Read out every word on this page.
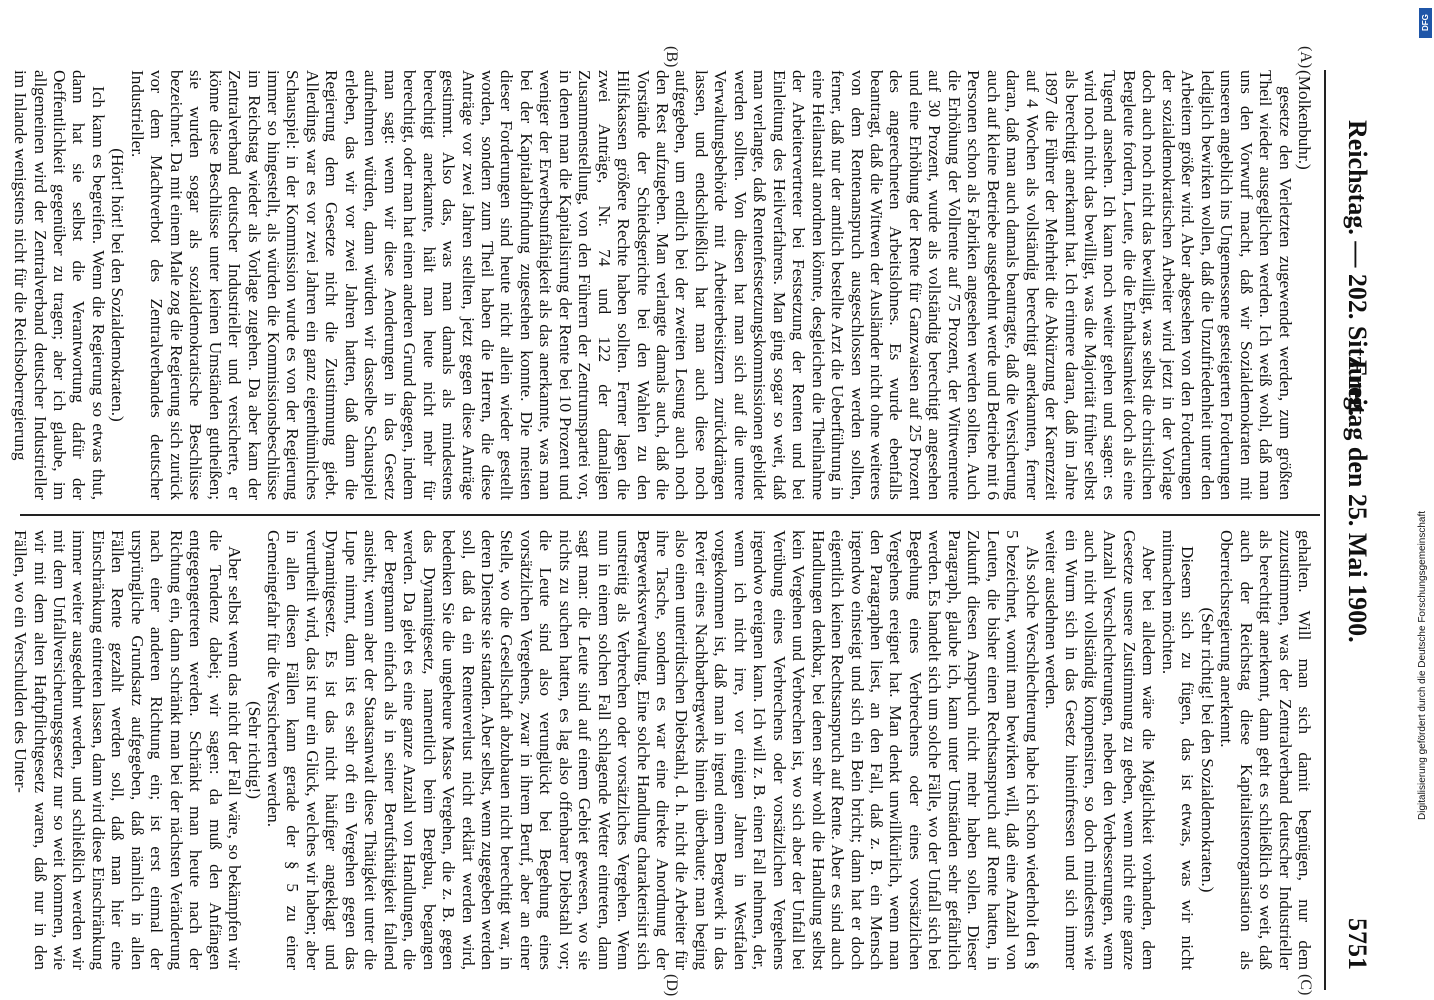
Reichstag. — 202. Sitzung.
Freitag den 25. Mai 1900.
5751
(A)
(B)
(C)
(D)

(Molkenbuhr.)

gesetze den Verletzten zugewendet werden, zum größten Theil wieder ausgeglichen werden. Ich weiß wohl, daß man uns den Vorwurf macht, daß wir Sozialdemokraten mit unseren angeblich ins Ungemessene gesteigerten Forderungen lediglich bewirken wollen, daß die Unzufriedenheit unter den Arbeitern größer wird. Aber abgesehen von den Forderungen der sozialdemokratischen Arbeiter wird jetzt in der Vorlage doch auch noch nicht das bewilligt, was selbst die christlichen Bergleute fordern, Leute, die die Enthaltsamkeit doch als eine Tugend ansehen. Ich kann noch weiter gehen und sagen: es wird noch nicht das bewilligt, was die Majorität früher selbst als berechtigt anerkannt hat. Ich erinnere daran, daß im Jahre 1897 die Führer der Mehrheit die Abkürzung der Karenzzeit auf 4 Wochen als vollständig berechtigt anerkannten, ferner daran, daß man auch damals beantragte, daß die Versicherung auch auf kleine Betriebe ausgedehnt werde und Betriebe mit 6 Personen schon als Fabriken angesehen werden sollten. Auch die Erhöhung der Vollrente auf 75 Prozent, der Wittwenrente auf 30 Prozent, wurde als vollständig berechtigt angesehen und eine Erhöhung der Rente für Ganzwaisen auf 25 Prozent des angerechneten Arbeitslohnes. Es wurde ebenfalls beantragt, daß die Wittwen der Ausländer nicht ohne weiteres von dem Rentenanspruch ausgeschlossen werden sollten, ferner, daß nur der amtlich bestellte Arzt die Ueberführung in eine Heilanstalt anordnen könnte, desgleichen die Theilnahme der Arbeitervertreter bei Festsetzung der Renten und bei Einleitung des Heilverfahrens. Man ging sogar so weit, daß man verlangte, daß Rentenfestsetzungskommissionen gebildet werden sollten. Von diesen hat man sich auf die untere Verwaltungsbehörde mit Arbeiterbeisitzern zurückdrängen lassen, und endschließlich hat man auch diese noch aufgegeben, um endlich bei der zweiten Lesung auch noch den Rest aufzugeben. Man verlangte damals auch, daß die Vorstände der Schiedsgerichte bei den Wahlen zu den Hilfskassen größere Rechte haben sollten. Ferner lagen die zwei Anträge, Nr. 74 und 122 der damaligen Zusammenstellung, von den Führern der Zentrumspartei vor, in denen man die Kapitalisirung der Rente bei 10 Prozent und weniger der Erwerbsunfähigkeit als das anerkannte, was man bei der Kapitalabfindung zugestehen konnte. Die meisten dieser Forderungen sind heute nicht allein wieder gestellt worden, sondern zum Theil haben die Herren, die diese Anträge vor zwei Jahren stellten, jetzt gegen diese Anträge gestimmt. Also das, was man damals als mindestens berechtigt anerkannte, hält man heute nicht mehr für berechtigt, oder man hat einen anderen Grund dagegen, indem man sagt: wenn wir diese Aenderungen in das Gesetz aufnehmen würden, dann würden wir dasselbe Schauspiel erleben, das wir vor zwei Jahren hatten, daß dann die Regierung dem Gesetze nicht die Zustimmung giebt. Allerdings war es vor zwei Jahren ein ganz eigenthümliches Schauspiel: in der Kommission wurde es von der Regierung immer so hingestellt, als würden die Kommissionsbeschlüsse im Reichstag wieder als Vorlage zugehen. Da aber kam der Zentralverband deutscher Industrieller und versicherte, er könne diese Beschlüsse unter keinen Umständen gutheißen; sie wurden sogar als sozialdemokratische Beschlüsse bezeichnet. Da mit einem Male zog die Regierung sich zurück vor dem Machtverbot des Zentralverbandes deutscher Industrieller.

(Hört! hört! bei den Sozialdemokraten.)

Ich kann es begreifen. Wenn die Regierung so etwas thut, dann hat sie selbst die Verantwortung dafür der Oeffentlichkeit gegenüber zu tragen; aber ich glaube, im allgemeinen wird der Zentralverband deutscher Industrieller im Inlande wenigstens nicht für die Reichsoberregierung

gehalten. Will man sich damit begnügen, nur dem zuzustimmen, was der Zentralverband deutscher Industrieller als berechtigt anerkennt, dann geht es schließlich so weit, daß auch der Reichstag diese Kapitalistenorganisation als Oberreichsregierung anerkennt.

(Sehr richtig! bei den Sozialdemokraten.)

Diesem sich zu fügen, das ist etwas, was wir nicht mitmachen möchten.

Aber bei alledem wäre die Möglichkeit vorhanden, dem Gesetze unsere Zustimmung zu geben, wenn nicht eine ganze Anzahl Verschlechterungen, neben den Verbesserungen, wenn auch nicht vollständig kompensiren, so doch mindestens wie ein Wurm sich in das Gesetz hineinfressen und sich immer weiter ausdehnen werden.

Als solche Verschlechterung habe ich schon wiederholt den § 5 bezeichnet, womit man bewirken will, daß eine Anzahl von Leuten, die bisher einen Rechtsanspruch auf Rente hatten, in Zukunft diesen Anspruch nicht mehr haben sollen. Dieser Paragraph, glaube ich, kann unter Umständen sehr gefährlich werden. Es handelt sich um solche Fälle, wo der Unfall sich bei Begehung eines Verbrechens oder eines vorsätzlichen Vergehens ereignet hat. Man denkt unwillkürlich, wenn man den Paragraphen liest, an den Fall, daß z. B. ein Mensch irgendwo einsteigt und sich ein Bein bricht; dann hat er doch eigentlich keinen Rechtsanspruch auf Rente. Aber es sind auch Handlungen denkbar, bei denen sehr wohl die Handlung selbst kein Vergehen und Verbrechen ist, wo sich aber der Unfall bei Verübung eines Verbrechens oder vorsätzlichen Vergehens irgendwo ereignen kann. Ich will z. B. einen Fall nehmen, der, wenn ich nicht irre, vor einigen Jahren in Westfalen vorgekommen ist, daß man in irgend einem Bergwerk in das Revier eines Nachbarbergwerks hinein überbaute; man beging also einen unterirdischen Diebstahl, d. h. nicht die Arbeiter für ihre Tasche, sondern es war eine direkte Anordnung der Bergwerksverwaltung. Eine solche Handlung charakterisirt sich unstreitig als Verbrechen oder vorsätzliches Vergehen. Wenn nun in einem solchen Fall schlagende Wetter eintreten, dann sagt man: die Leute sind auf einem Gebiet gewesen, wo sie nichts zu suchen hatten, es lag also offenbarer Diebstahl vor; die Leute sind also verunglückt bei Begehung eines vorsätzlichen Vergehens, zwar in ihrem Beruf, aber an einer Stelle, wo die Gesellschaft abzubauen nicht berechtigt war, in deren Dienste sie standen. Aber selbst, wenn zugegeben werden soll, daß da ein Rentenverlust nicht erklärt werden wird, bedenken Sie die ungeheure Masse Vergehen, die z. B. gegen das Dynamitgesetz, namentlich beim Bergbau, begangen werden. Da giebt es eine ganze Anzahl von Handlungen, die der Bergmann einfach als in seiner Berufsthätigkeit fallend ansieht; wenn aber der Staatsanwalt diese Thätigkeit unter die Lupe nimmt, dann ist es sehr oft ein Vergehen gegen das Dynamitgesetz. Es ist das nicht häufiger angeklagt und verurtheilt wird, das ist nur ein Glück, welches wir haben; aber in allen diesen Fällen kann gerade der § 5 zu einer Gemeingefahr für die Versicherten werden.

(Sehr richtig!)

Aber selbst wenn das nicht der Fall wäre, so bekämpfen wir die Tendenz dabei; wir sagen: da muß den Anfängen entgegengetreten werden. Schränkt man heute nach der Richtung ein, dann schränkt man bei der nächsten Veränderung nach einer anderen Richtung ein; ist erst einmal der ursprüngliche Grundsatz aufgegeben, daß nämlich in allen Fällen Rente gezahlt werden soll, daß man hier eine Einschränkung eintreten lassen, dann wird diese Einschränkung immer weiter ausgedehnt werden, und schließlich werden wir mit dem Unfallversicherungsgesetz nur so weit kommen, wie wir mit dem alten Haftpflichtgesetz waren, daß nur in den Fällen, wo ein Verschulden des Unter-	Digitalisierung gefördert durch die Deutsche Forschungsgemeinschaft
DFG
